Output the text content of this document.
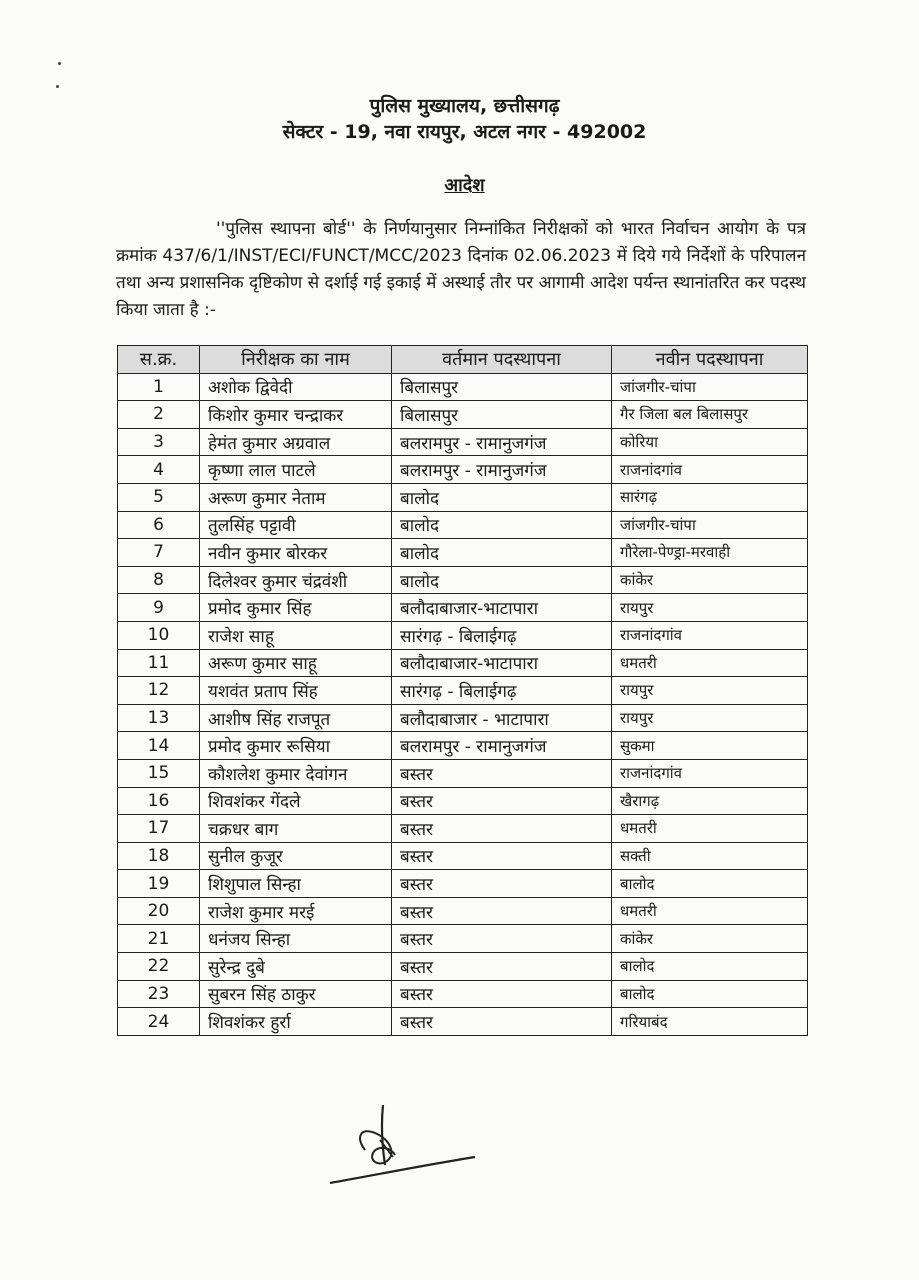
पुलिस मुख्यालय, छत्तीसगढ़
सेक्टर - 19, नवा रायपुर, अटल नगर - 492002
आदेश
''पुलिस स्थापना बोर्ड'' के निर्णयानुसार निम्नांकित निरीक्षकों को भारत निर्वाचन आयोग के पत्र क्रमांक 437/6/1/INST/ECI/FUNCT/MCC/2023 दिनांक 02.06.2023 में दिये गये निर्देशों के परिपालन तथा अन्य प्रशासनिक दृष्टिकोण से दर्शाई गई इकाई में अस्थाई तौर पर आगामी आदेश पर्यन्त स्थानांतरित कर पदस्थ किया जाता है :-
स.क्र.	निरीक्षक का नाम	वर्तमान पदस्थापना	नवीन पदस्थापना
1	अशोक द्विवेदी	बिलासपुर	जांजगीर-चांपा
2	किशोर कुमार चन्द्राकर	बिलासपुर	गैर जिला बल बिलासपुर
3	हेमंत कुमार अग्रवाल	बलरामपुर - रामानुजगंज	कोरिया
4	कृष्णा लाल पाटले	बलरामपुर - रामानुजगंज	राजनांदगांव
5	अरूण कुमार नेताम	बालोद	सारंगढ़
6	तुलसिंह पट्टावी	बालोद	जांजगीर-चांपा
7	नवीन कुमार बोरकर	बालोद	गौरेला-पेण्ड्रा-मरवाही
8	दिलेश्वर कुमार चंद्रवंशी	बालोद	कांकेर
9	प्रमोद कुमार सिंह	बलौदाबाजार-भाटापारा	रायपुर
10	राजेश साहू	सारंगढ़ - बिलाईगढ़	राजनांदगांव
11	अरूण कुमार साहू	बलौदाबाजार-भाटापारा	धमतरी
12	यशवंत प्रताप सिंह	सारंगढ़ - बिलाईगढ़	रायपुर
13	आशीष सिंह राजपूत	बलौदाबाजार - भाटापारा	रायपुर
14	प्रमोद कुमार रूसिया	बलरामपुर - रामानुजगंज	सुकमा
15	कौशलेश कुमार देवांगन	बस्तर	राजनांदगांव
16	शिवशंकर गेंदले	बस्तर	खैरागढ़
17	चक्रधर बाग	बस्तर	धमतरी
18	सुनील कुजूर	बस्तर	सक्ती
19	शिशुपाल सिन्हा	बस्तर	बालोद
20	राजेश कुमार मरई	बस्तर	धमतरी
21	धनंजय सिन्हा	बस्तर	कांकेर
22	सुरेन्द्र दुबे	बस्तर	बालोद
23	सुबरन सिंह ठाकुर	बस्तर	बालोद
24	शिवशंकर हुर्रा	बस्तर	गरियाबंद
